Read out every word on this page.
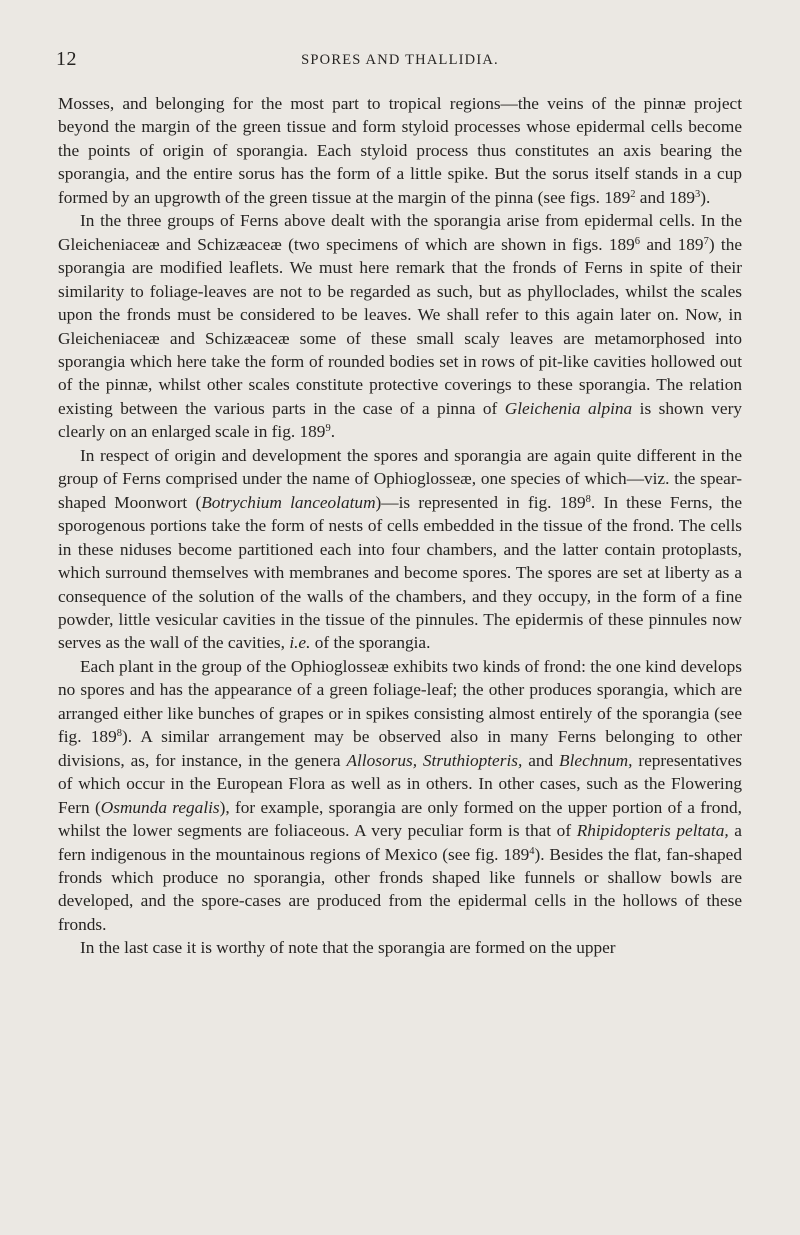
12	SPORES AND THALLIDIA.

Mosses, and belonging for the most part to tropical regions—the veins of the pinnæ project beyond the margin of the green tissue and form styloid processes whose epidermal cells become the points of origin of sporangia. Each styloid process thus constitutes an axis bearing the sporangia, and the entire sorus has the form of a little spike. But the sorus itself stands in a cup formed by an upgrowth of the green tissue at the margin of the pinna (see figs. $189^2$ and $189^3$).

In the three groups of Ferns above dealt with the sporangia arise from epidermal cells. In the Gleicheniaceæ and Schizæaceæ (two specimens of which are shown in figs. $189^6$ and $189^7$) the sporangia are modified leaflets. We must here remark that the fronds of Ferns in spite of their similarity to foliage-leaves are not to be regarded as such, but as phylloclades, whilst the scales upon the fronds must be considered to be leaves. We shall refer to this again later on. Now, in Gleicheniaceæ and Schizæaceæ some of these small scaly leaves are metamorphosed into sporangia which here take the form of rounded bodies set in rows of pit-like cavities hollowed out of the pinnæ, whilst other scales constitute protective coverings to these sporangia. The relation existing between the various parts in the case of a pinna of Gleichenia alpina is shown very clearly on an enlarged scale in fig. $189^9$.

In respect of origin and development the spores and sporangia are again quite different in the group of Ferns comprised under the name of Ophioglosseæ, one species of which—viz. the spear-shaped Moonwort (Botrychium lanceolatum)—is represented in fig. $189^8$. In these Ferns, the sporogenous portions take the form of nests of cells embedded in the tissue of the frond. The cells in these niduses become partitioned each into four chambers, and the latter contain protoplasts, which surround themselves with membranes and become spores. The spores are set at liberty as a consequence of the solution of the walls of the chambers, and they occupy, in the form of a fine powder, little vesicular cavities in the tissue of the pinnules. The epidermis of these pinnules now serves as the wall of the cavities, i.e. of the sporangia.

Each plant in the group of the Ophioglosseæ exhibits two kinds of frond: the one kind develops no spores and has the appearance of a green foliage-leaf; the other produces sporangia, which are arranged either like bunches of grapes or in spikes consisting almost entirely of the sporangia (see fig. $189^8$). A similar arrangement may be observed also in many Ferns belonging to other divisions, as, for instance, in the genera Allosorus, Struthiopteris, and Blechnum, representatives of which occur in the European Flora as well as in others. In other cases, such as the Flowering Fern (Osmunda regalis), for example, sporangia are only formed on the upper portion of a frond, whilst the lower segments are foliaceous. A very peculiar form is that of Rhipidopteris peltata, a fern indigenous in the mountainous regions of Mexico (see fig. $189^4$). Besides the flat, fan-shaped fronds which produce no sporangia, other fronds shaped like funnels or shallow bowls are developed, and the spore-cases are produced from the epidermal cells in the hollows of these fronds.

In the last case it is worthy of note that the sporangia are formed on the upper
